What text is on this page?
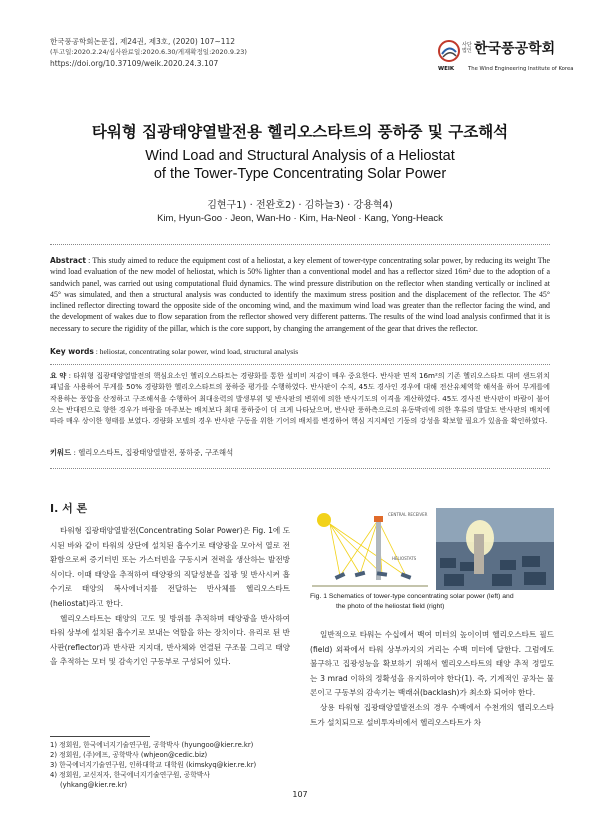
한국풍공학회논문집, 제24권, 제3호, (2020) 107~112
(투고일:2020.2.24/심사완료일:2020.6.30/게재확정일:2020.9.23)
https://doi.org/10.37109/weik.2020.24.3.107
사단
법인 한국풍공학회
WEIK	The Wind Engineering Institute of Korea
타워형 집광태양열발전용 헬리오스타트의 풍하중 및 구조해석
Wind Load and Structural Analysis of a Heliostat
of the Tower-Type Concentrating Solar Power
김현구1) · 전완호2) · 김하늘3) · 강용혁4)
Kim, Hyun-Goo · Jeon, Wan-Ho · Kim, Ha-Neol · Kang, Yong-Heack
Abstract : This study aimed to reduce the equipment cost of a heliostat, a key element of tower-type concentrating solar power, by reducing its weight The wind load evaluation of the new model of heliostat, which is 50% lighter than a conventional model and has a reflector sized 16m² due to the adoption of a sandwich panel, was carried out using computational fluid dynamics. The wind pressure distribution on the reflector when standing vertically or inclined at 45° was simulated, and then a structural analysis was conducted to identify the maximum stress position and the displacement of the reflector. The 45° inclined reflector directing toward the opposite side of the oncoming wind, and the maximum wind load was greater than the reflector facing the wind, and the development of wakes due to flow separation from the reflector showed very different patterns. The results of the wind load analysis confirmed that it is necessary to secure the rigidity of the pillar, which is the core support, by changing the arrangement of the gear that drives the reflector.
Key words : heliostat, concentrating solar power, wind load, structural analysis
요 약 : 타워형 집광태양열발전의 핵심요소인 헬리오스타트는 경량화를 통한 설비비 저감이 매우 중요한다. 반사판 면적 16m²의 기존 헬리오스타트 대비 샌드위치 패널을 사용하여 무게를 50% 경량화한 헬리오스타트의 풍하중 평가를 수행하였다. 반사판이 수직, 45도 경사인 경우에 대해 전산유체역학 해석을 하여 무게를에 작용하는 풍압을 산정하고 구조해석을 수행하여 최대응력의 발생부위 및 반사판의 변위에 의한 반사기도의 이격을 계산하였다. 45도 경사진 반사판이 바람이 불어오는 반대편으로 향한 경우가 바람을 마주보는 배치보다 최대 풍하중이 더 크게 나타났으며, 반사판 풍하측으로의 유동박리에 의한 후류의 발달도 반사판의 배치에 따라 매우 상이한 형태를 보였다. 경량화 모델의 경우 반사판 구동을 위한 기어의 배치를 변경하여 핵심 지지체인 기둥의 강성을 확보할 필요가 있음을 확인하였다.
키워드 : 헬리오스타트, 집광태양열발전, 풍하중, 구조해석
I. 서 론

타워형 집광태양열발전(Concentrating Solar Power)은 Fig. 1에 도시된 바와 같이 타워의 상단에 설치된 흡수기로 태양광을 모아서 열로 전환함으로써 증기터빈 또는 가스터빈을 구동시켜 전력을 생산하는 발전방식이다. 이때 태양을 추적하여 태양광의 직달성분을 집광 및 반사시켜 흡수기로 태양의 복사에너지를 전달하는 반사체를 헬리오스타트(heliostat)라고 한다.

헬리오스타트는 태양의 고도 및 방위를 추적하며 태양광을 반사하여 타워 상부에 설치된 흡수기로 보내는 역할을 하는 장치이다. 유리로 된 반사판(reflector)과 반사판 지지대, 반사체와 연결된 구조물 그리고 태양을 추적하는 모터 및 감속기인 구동부로 구성되어 있다.

1) 정회원, 한국에너지기술연구원, 공학박사 (hyungoo@kier.re.kr)
2) 정회원, (주)에프, 공학박사 (whjeon@cedic.biz)
3) 한국에너지기술연구원, 인하대학교 대학원 (kimskyq@kier.re.kr)
4) 정회원, 교신저자, 한국에너지기술연구원, 공학박사
(yhkang@kier.re.kr)
CENTRAL RECEIVER
HELIOSTATS
Fig. 1 Schematics of tower-type concentrating solar power (left) and
the photo of the heliostat field (right)

일반적으로 타워는 수십에서 백여 미터의 높이이며 헬리오스타트 필드(field) 외곽에서 타워 상부까지의 거리는 수백 미터에 달한다. 그럼에도 불구하고 집광성능을 확보하기 위해서 헬리오스타트의 태양 추적 정밀도는 3 mrad 이하의 정확성을 유지하여야 한다(1). 즉, 기계적인 공차는 물론이고 구동부의 감속기는 백래쉬(backlash)가 최소화 되어야 한다.

상용 타워형 집광태양열발전소의 경우 수백에서 수천개의 헬리오스타트가 설치되므로 설비투자비에서 헬리오스타트가 차

107
